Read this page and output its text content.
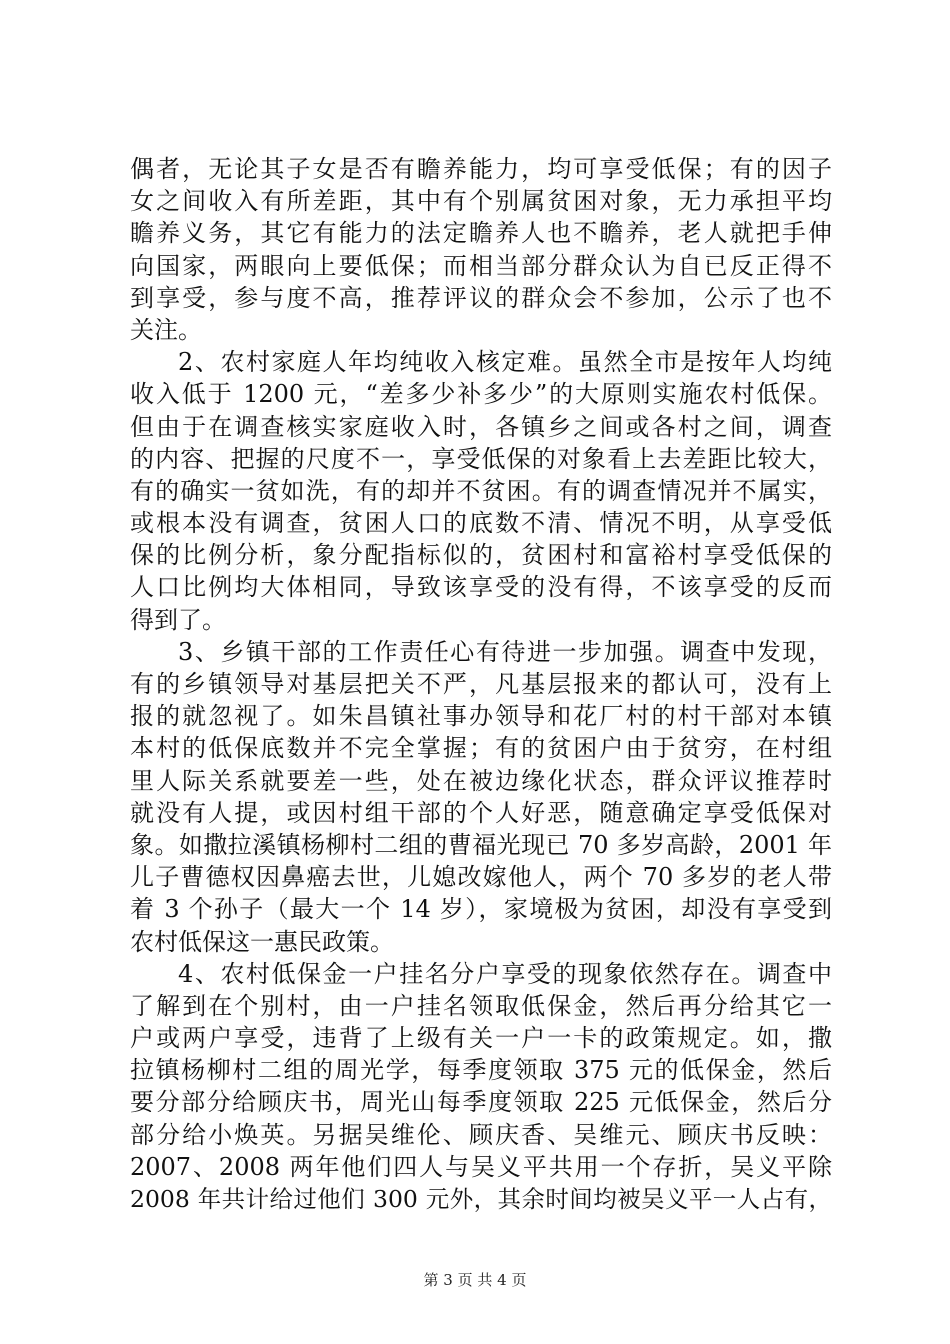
偶者，无论其子女是否有瞻养能力，均可享受低保；有的因子
女之间收入有所差距，其中有个别属贫困对象，无力承担平均
瞻养义务，其它有能力的法定瞻养人也不瞻养，老人就把手伸
向国家，两眼向上要低保；而相当部分群众认为自已反正得不
到享受，参与度不高，推荐评议的群众会不参加，公示了也不
关注。
2、农村家庭人年均纯收入核定难。虽然全市是按年人均纯
收入低于 1200 元，“差多少补多少”的大原则实施农村低保。
但由于在调查核实家庭收入时，各镇乡之间或各村之间，调查
的内容、把握的尺度不一，享受低保的对象看上去差距比较大，
有的确实一贫如洗，有的却并不贫困。有的调查情况并不属实，
或根本没有调查，贫困人口的底数不清、情况不明，从享受低
保的比例分析，象分配指标似的，贫困村和富裕村享受低保的
人口比例均大体相同，导致该享受的没有得，不该享受的反而
得到了。
3、乡镇干部的工作责任心有待进一步加强。调查中发现，
有的乡镇领导对基层把关不严，凡基层报来的都认可，没有上
报的就忽视了。如朱昌镇社事办领导和花厂村的村干部对本镇
本村的低保底数并不完全掌握；有的贫困户由于贫穷，在村组
里人际关系就要差一些，处在被边缘化状态，群众评议推荐时
就没有人提，或因村组干部的个人好恶，随意确定享受低保对
象。如撒拉溪镇杨柳村二组的曹福光现已 70 多岁高龄，2001 年
儿子曹德权因鼻癌去世，儿媳改嫁他人，两个 70 多岁的老人带
着 3 个孙子（最大一个 14 岁），家境极为贫困，却没有享受到
农村低保这一惠民政策。
4、农村低保金一户挂名分户享受的现象依然存在。调查中
了解到在个别村，由一户挂名领取低保金，然后再分给其它一
户或两户享受，违背了上级有关一户一卡的政策规定。如，撒
拉镇杨柳村二组的周光学，每季度领取 375 元的低保金，然后
要分部分给顾庆书，周光山每季度领取 225 元低保金，然后分
部分给小焕英。另据吴维伦、顾庆香、吴维元、顾庆书反映：
2007、2008 两年他们四人与吴义平共用一个存折，吴义平除
2008 年共计给过他们 300 元外，其余时间均被吴义平一人占有，
第 3 页 共 4 页
